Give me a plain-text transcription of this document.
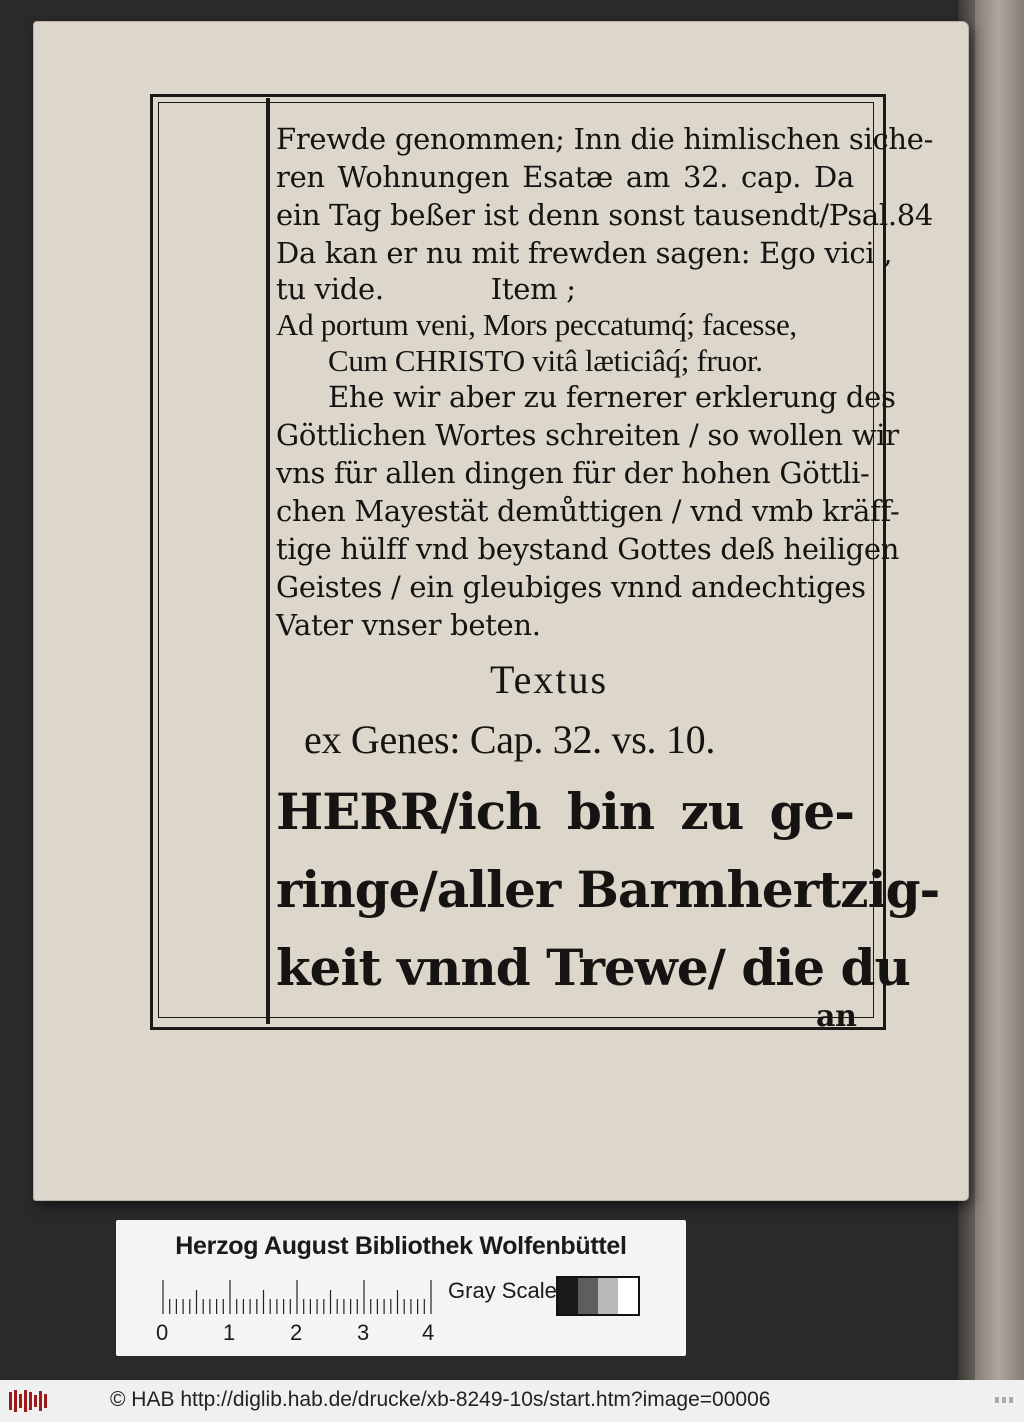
Frewde genommen; Inn die himlischen siche-
ren Wohnungen Esatæ am 32. cap. Da
ein Tag beßer ist denn sonst tausendt/Psal.84
Da kan er nu mit frewden sagen: Ego vici ,
tu vide.            Item ;
Ad portum veni, Mors peccatumq́; facesse,
Cum CHRISTO vitâ læticiâq́; fruor.
Ehe wir aber zu fernerer erklerung des
Göttlichen Wortes schreiten / so wollen wir
vns für allen dingen für der hohen Göttli-
chen Mayestät demůttigen / vnd vmb kräff-
tige hülff vnd beystand Gottes deß heiligen
Geistes / ein gleubiges vnnd andechtiges
Vater vnser beten.
Textus
ex Genes: Cap. 32. vs. 10.
HERR/ich bin zu ge-
ringe/aller Barmhertzig-
keit vnnd Trewe/ die du
an
Herzog August Bibliothek Wolfenbüttel
0 1 2 3 4
Gray Scale
© HAB http://diglib.hab.de/drucke/xb-8249-10s/start.htm?image=00006
